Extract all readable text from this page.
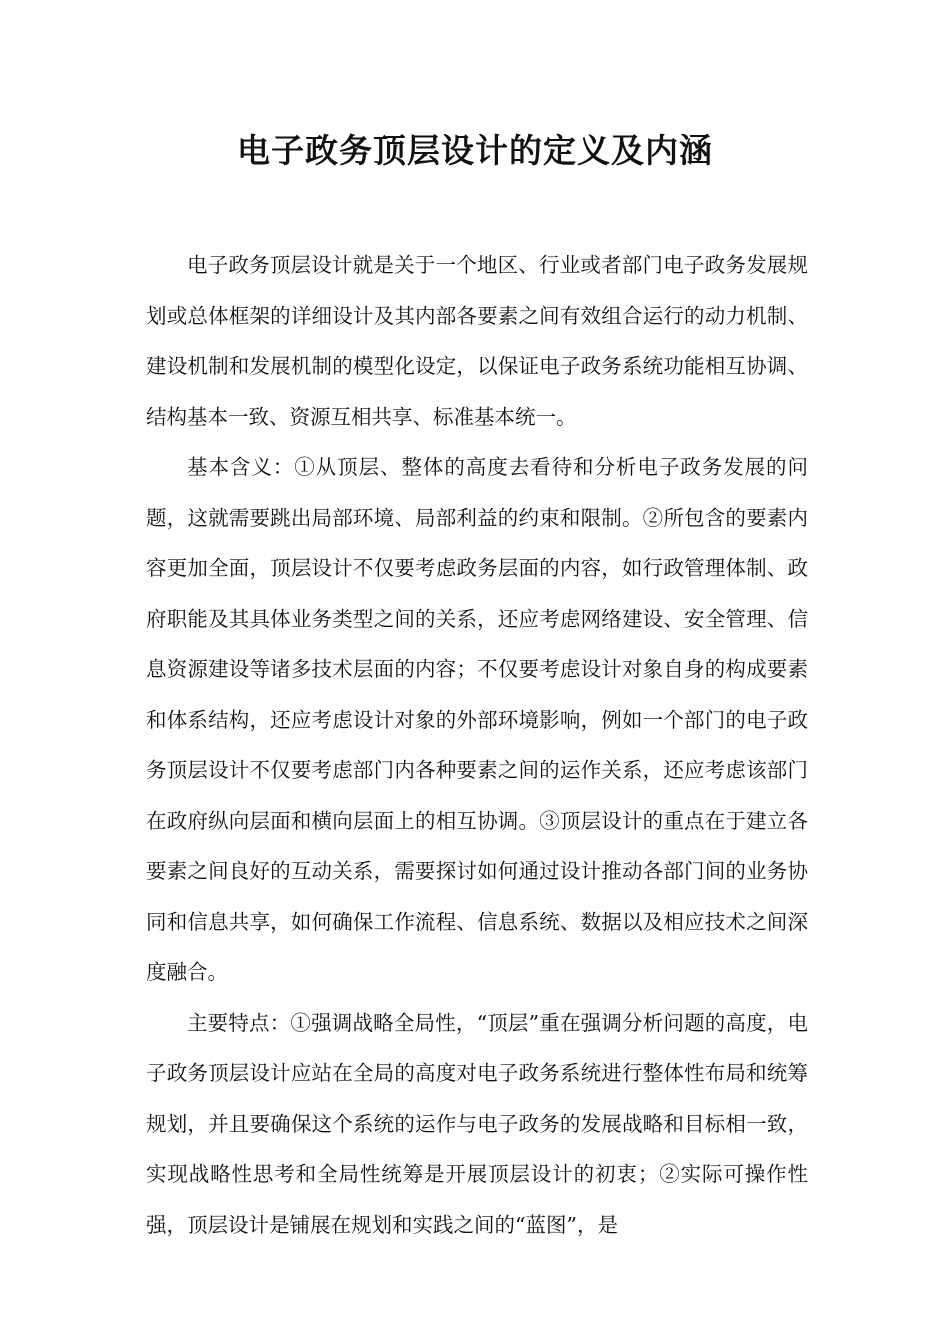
电子政务顶层设计的定义及内涵

电子政务顶层设计就是关于一个地区、行业或者部门电子政务发展规划或总体框架的详细设计及其内部各要素之间有效组合运行的动力机制、建设机制和发展机制的模型化设定，以保证电子政务系统功能相互协调、结构基本一致、资源互相共享、标准基本统一。

基本含义：①从顶层、整体的高度去看待和分析电子政务发展的问题，这就需要跳出局部环境、局部利益的约束和限制。②所包含的要素内容更加全面，顶层设计不仅要考虑政务层面的内容，如行政管理体制、政府职能及其具体业务类型之间的关系，还应考虑网络建设、安全管理、信息资源建设等诸多技术层面的内容；不仅要考虑设计对象自身的构成要素和体系结构，还应考虑设计对象的外部环境影响，例如一个部门的电子政务顶层设计不仅要考虑部门内各种要素之间的运作关系，还应考虑该部门在政府纵向层面和横向层面上的相互协调。③顶层设计的重点在于建立各要素之间良好的互动关系，需要探讨如何通过设计推动各部门间的业务协同和信息共享，如何确保工作流程、信息系统、数据以及相应技术之间深度融合。

主要特点：①强调战略全局性，“顶层”重在强调分析问题的高度，电子政务顶层设计应站在全局的高度对电子政务系统进行整体性布局和统筹规划，并且要确保这个系统的运作与电子政务的发展战略和目标相一致，实现战略性思考和全局性统筹是开展顶层设计的初衷；②实际可操作性强，顶层设计是铺展在规划和实践之间的“蓝图”，是
